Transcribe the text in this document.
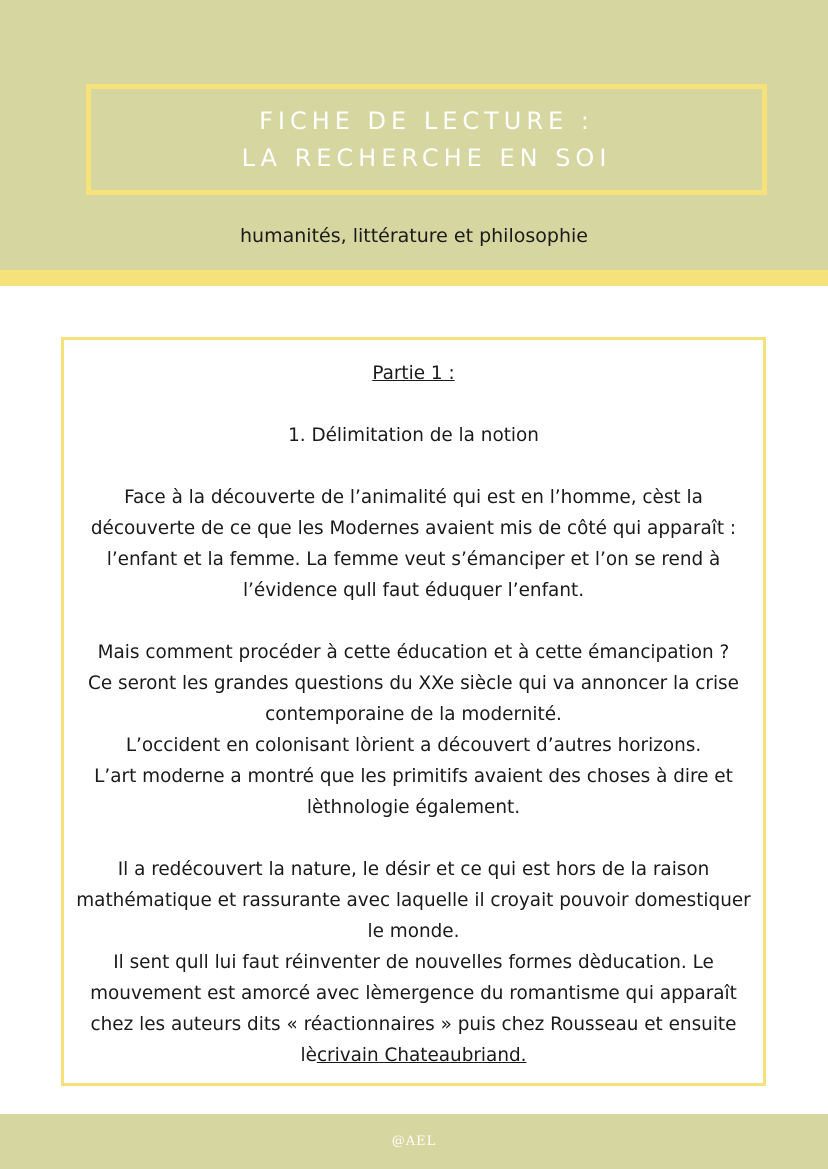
FICHE DE LECTURE :
LA RECHERCHE EN SOI
humanités, littérature et philosophie

Partie 1 :

1. Délimitation de la notion

Face à la découverte de l’animalité qui est en l’homme, cèst la découverte de ce que les Modernes avaient mis de côté qui apparaît : l’enfant et la femme. La femme veut s’émanciper et l’on se rend à l’évidence qull faut éduquer l’enfant.

Mais comment procéder à cette éducation et à cette émancipation ?

Ce seront les grandes questions du XXe siècle qui va annoncer la crise contemporaine de la modernité.

L’occident en colonisant lòrient a découvert d’autres horizons.

L’art moderne a montré que les primitifs avaient des choses à dire et lèthnologie également.

Il a redécouvert la nature, le désir et ce qui est hors de la raison mathématique et rassurante avec laquelle il croyait pouvoir domestiquer le monde.

Il sent qull lui faut réinventer de nouvelles formes dèducation. Le mouvement est amorcé avec lèmergence du romantisme qui apparaît chez les auteurs dits « réactionnaires » puis chez Rousseau et ensuite lècrivain Chateaubriand.

@AEL
